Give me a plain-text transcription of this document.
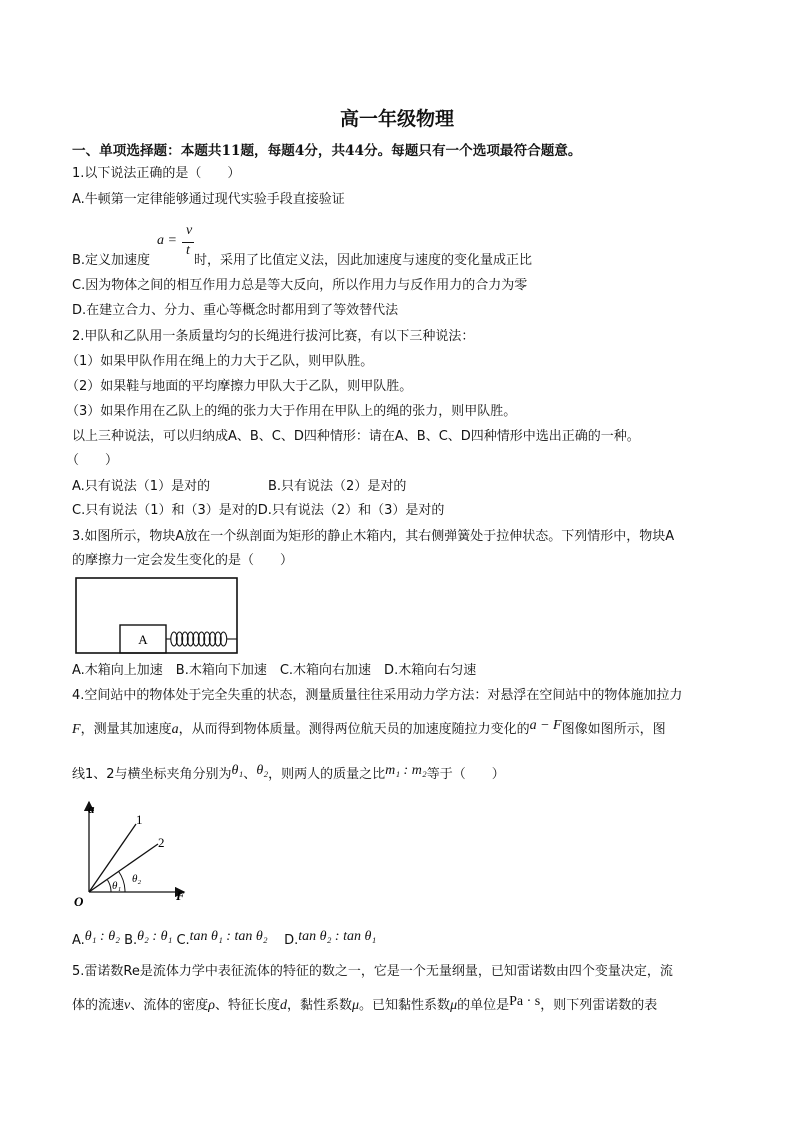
高一年级物理
一、单项选择题：本题共11题，每题4分，共44分。每题只有一个选项最符合题意。
1.以下说法正确的是（　　）
A.牛顿第一定律能够通过现代实验手段直接验证
B.定义加速度
a =
v
t
时，采用了比值定义法，因此加速度与速度的变化量成正比
C.因为物体之间的相互作用力总是等大反向，所以作用力与反作用力的合力为零
D.在建立合力、分力、重心等概念时都用到了等效替代法
2.甲队和乙队用一条质量均匀的长绳进行拔河比赛，有以下三种说法：
（1）如果甲队作用在绳上的力大于乙队，则甲队胜。
（2）如果鞋与地面的平均摩擦力甲队大于乙队，则甲队胜。
（3）如果作用在乙队上的绳的张力大于作用在甲队上的绳的张力，则甲队胜。
以上三种说法，可以归纳成A、B、C、D四种情形：请在A、B、C、D四种情形中选出正确的一种。
（　　）
A.只有说法（1）是对的	B.只有说法（2）是对的
C.只有说法（1）和（3）是对的D.只有说法（2）和（3）是对的
3.如图所示，物块A放在一个纵剖面为矩形的静止木箱内，其右侧弹簧处于拉伸状态。下列情形中，物块A
的摩擦力一定会发生变化的是（　　）
A
A.木箱向上加速　B.木箱向下加速　C.木箱向右加速　D.木箱向右匀速
4.空间站中的物体处于完全失重的状态，测量质量往往采用动力学方法：对悬浮在空间站中的物体施加拉力
F，测量其加速度a，从而得到物体质量。测得两位航天员的加速度随拉力变化的a − F图像如图所示，图
线1、2与横坐标夹角分别为θ₁、θ₂，则两人的质量之比m₁ : m₂等于（　　）
a
F
O
1
2
θ₁
θ₂
A.θ₁ : θ₂ B.θ₂ : θ₁ C.tan θ₁ : tan θ₂ D.tan θ₂ : tan θ₁
5.雷诺数Re是流体力学中表征流体的特征的数之一，它是一个无量纲量，已知雷诺数由四个变量决定，流
体的流速v、流体的密度ρ、特征长度d，黏性系数μ。已知黏性系数μ的单位是Pa · s，则下列雷诺数的表
